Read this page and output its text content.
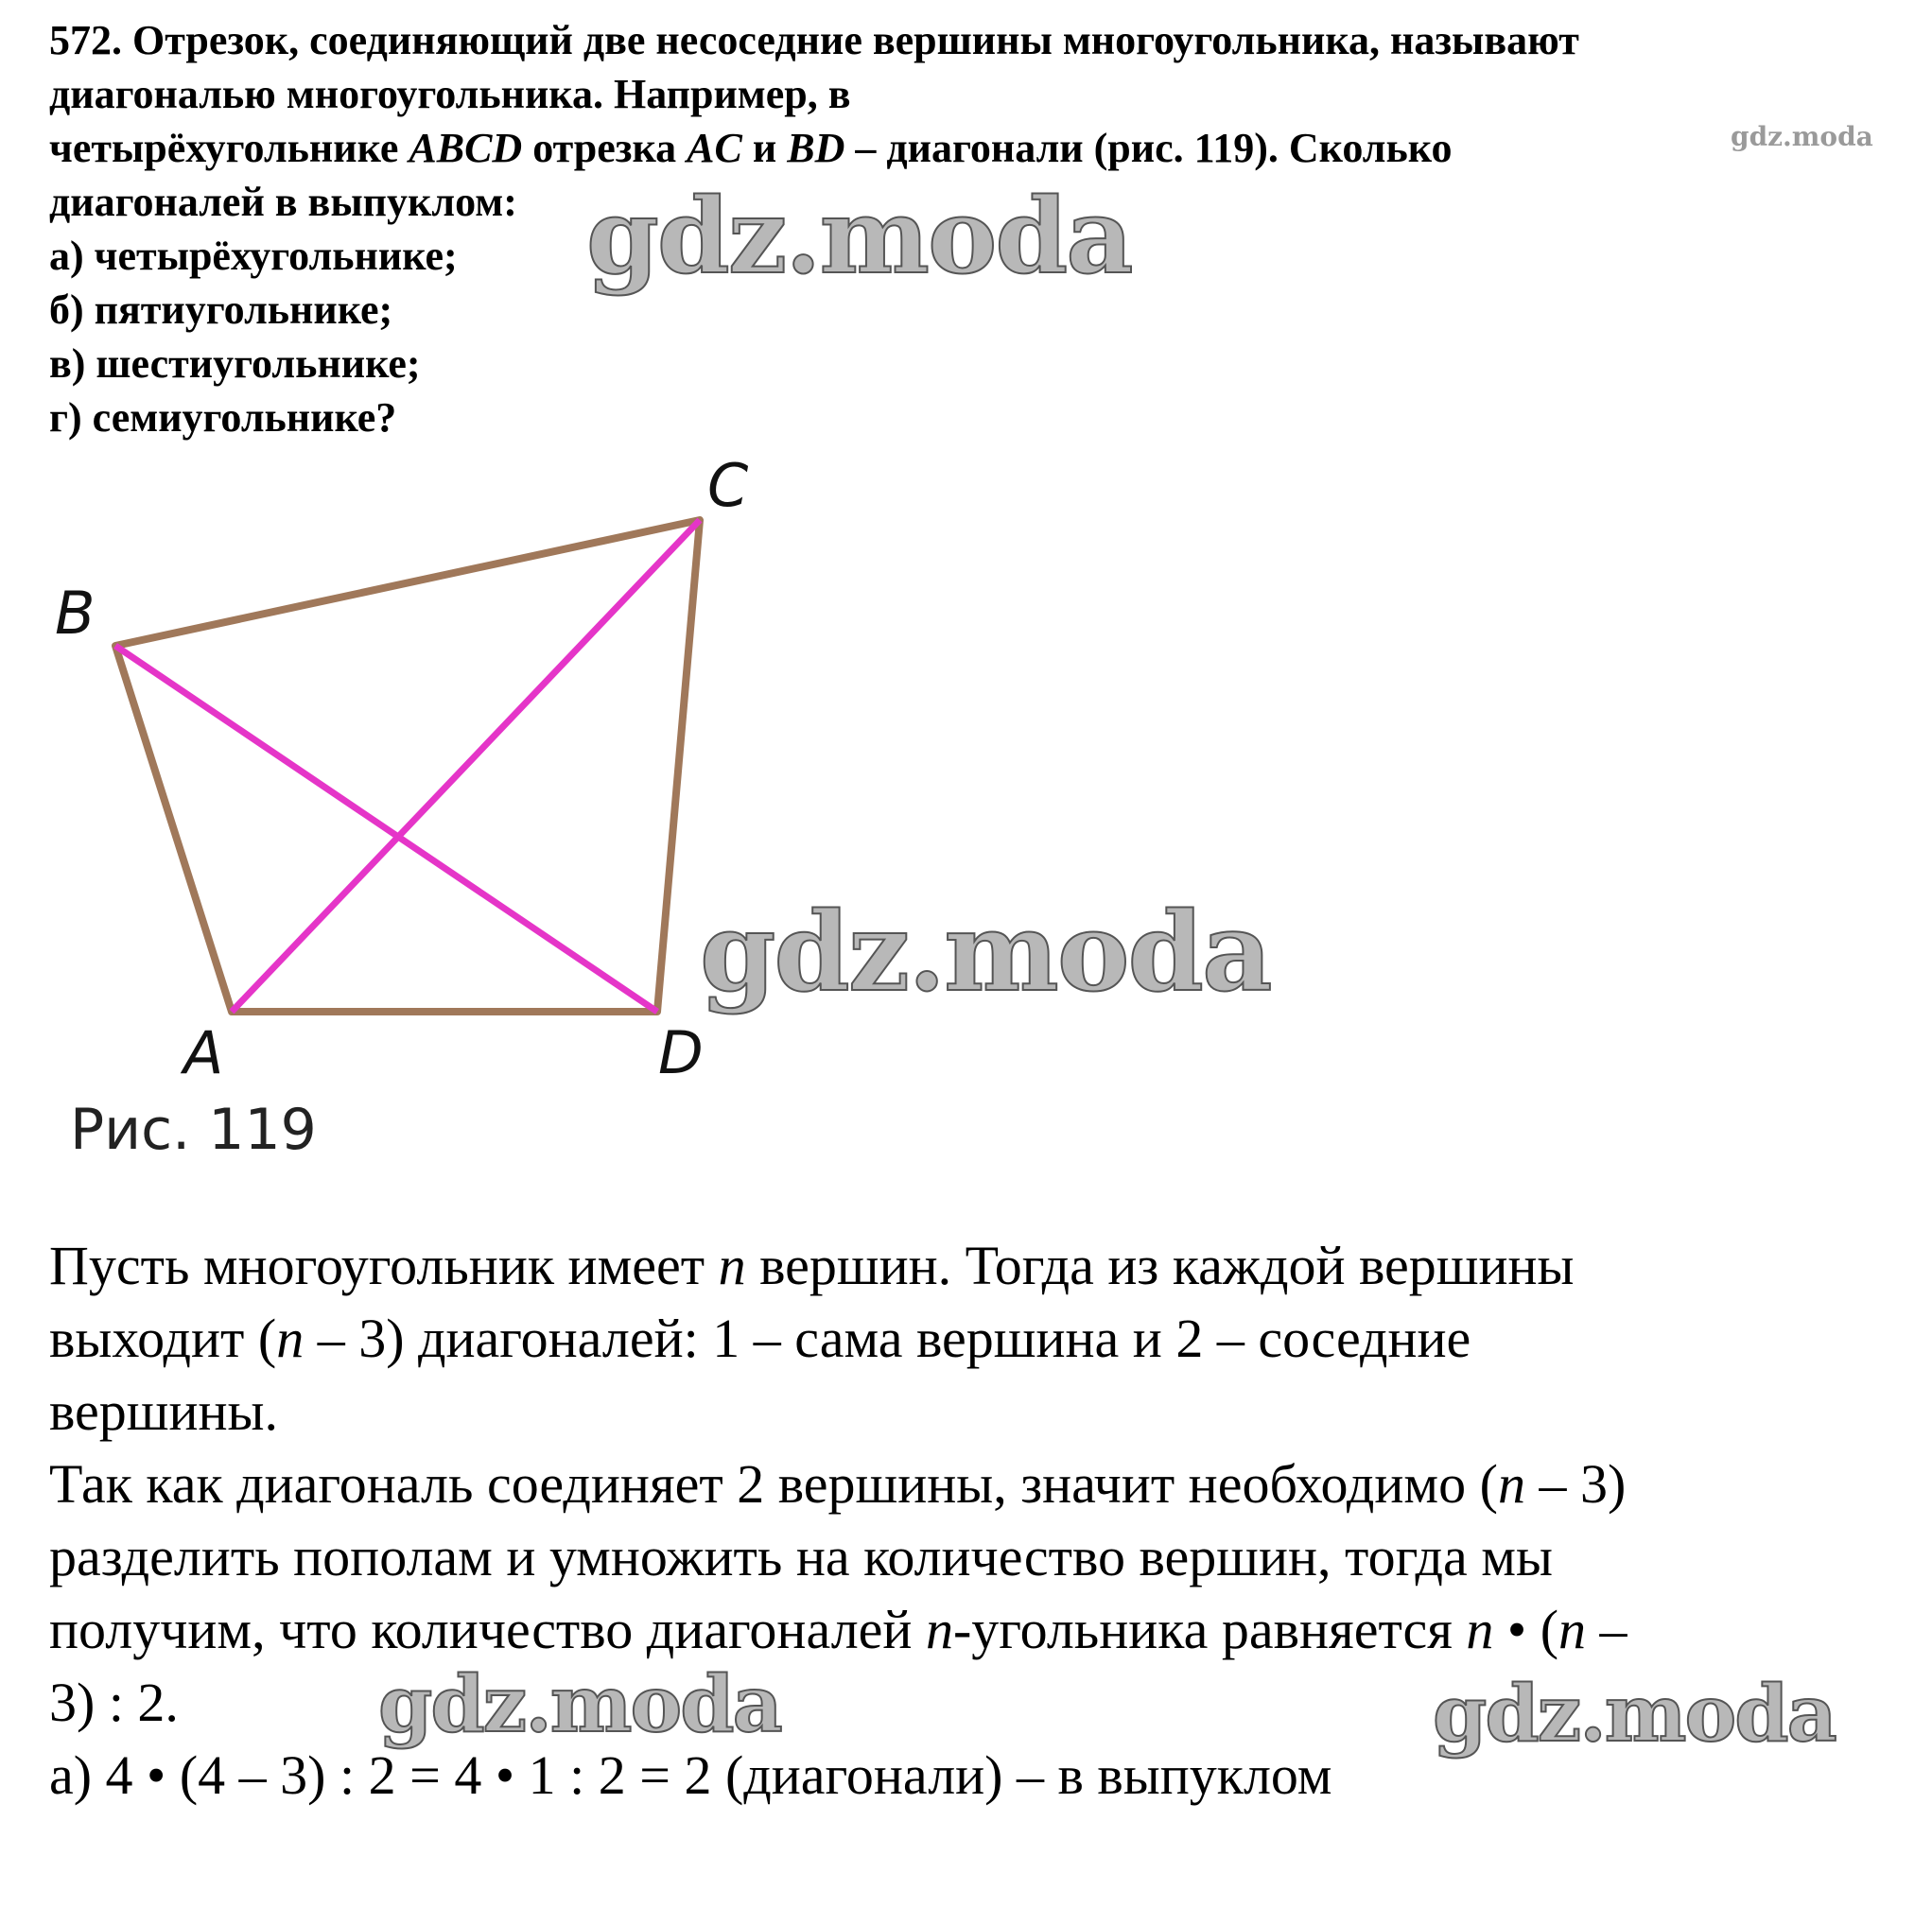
572. Отрезок, соединяющий две несоседние вершины многоугольника, называют
диагональю многоугольника. Например, в
четырёхугольнике ABCD отрезка AC и BD – диагонали (рис. 119). Сколько
диагоналей в выпуклом:
а) четырёхугольнике;
б) пятиугольнике;
в) шестиугольнике;
г) семиугольнике?
A
B
C
D
Рис. 119
Пусть многоугольник имеет n вершин. Тогда из каждой вершины
выходит (n – 3) диагоналей: 1 – сама вершина и 2 – соседние
вершины.
Так как диагональ соединяет 2 вершины, значит необходимо (n – 3)
разделить пополам и умножить на количество вершин, тогда мы
получим, что количество диагоналей n-угольника равняется n • (n –
3) : 2.
а) 4 • (4 – 3) : 2 = 4 • 1 : 2 = 2 (диагонали) – в выпуклом
gdz.moda
gdz.moda
gdz.moda	gdz.moda
gdz.moda
